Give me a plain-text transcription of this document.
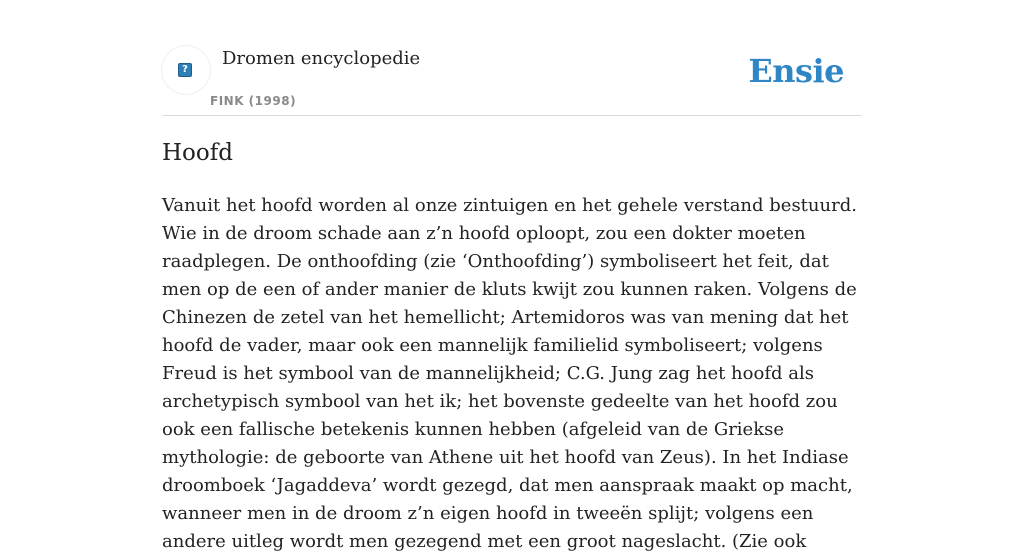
?
Dromen encyclopedie
FINK (1998)
Ensie
Hoofd

Vanuit het hoofd worden al onze zintuigen en het gehele verstand bestuurd. Wie in de droom schade aan z’n hoofd oploopt, zou een dokter moeten raadplegen. De onthoofding (zie ‘Onthoofding’) symboliseert het feit, dat men op de een of ander manier de kluts kwijt zou kunnen raken. Volgens de Chinezen de zetel van het hemellicht; Artemidoros was van mening dat het hoofd de vader, maar ook een mannelijk familielid symboliseert; volgens Freud is het symbool van de mannelijkheid; C.G. Jung zag het hoofd als archetypisch symbool van het ik; het bovenste gedeelte van het hoofd zou ook een fallische betekenis kunnen hebben (afgeleid van de Griekse mythologie: de geboorte van Athene uit het hoofd van Zeus). In het Indiase droomboek ‘Jagaddeva’ wordt gezegd, dat men aanspraak maakt op macht, wanneer men in de droom z’n eigen hoofd in tweeën splijt; volgens een andere uitleg wordt men gezegend met een groot nageslacht. (Zie ook
